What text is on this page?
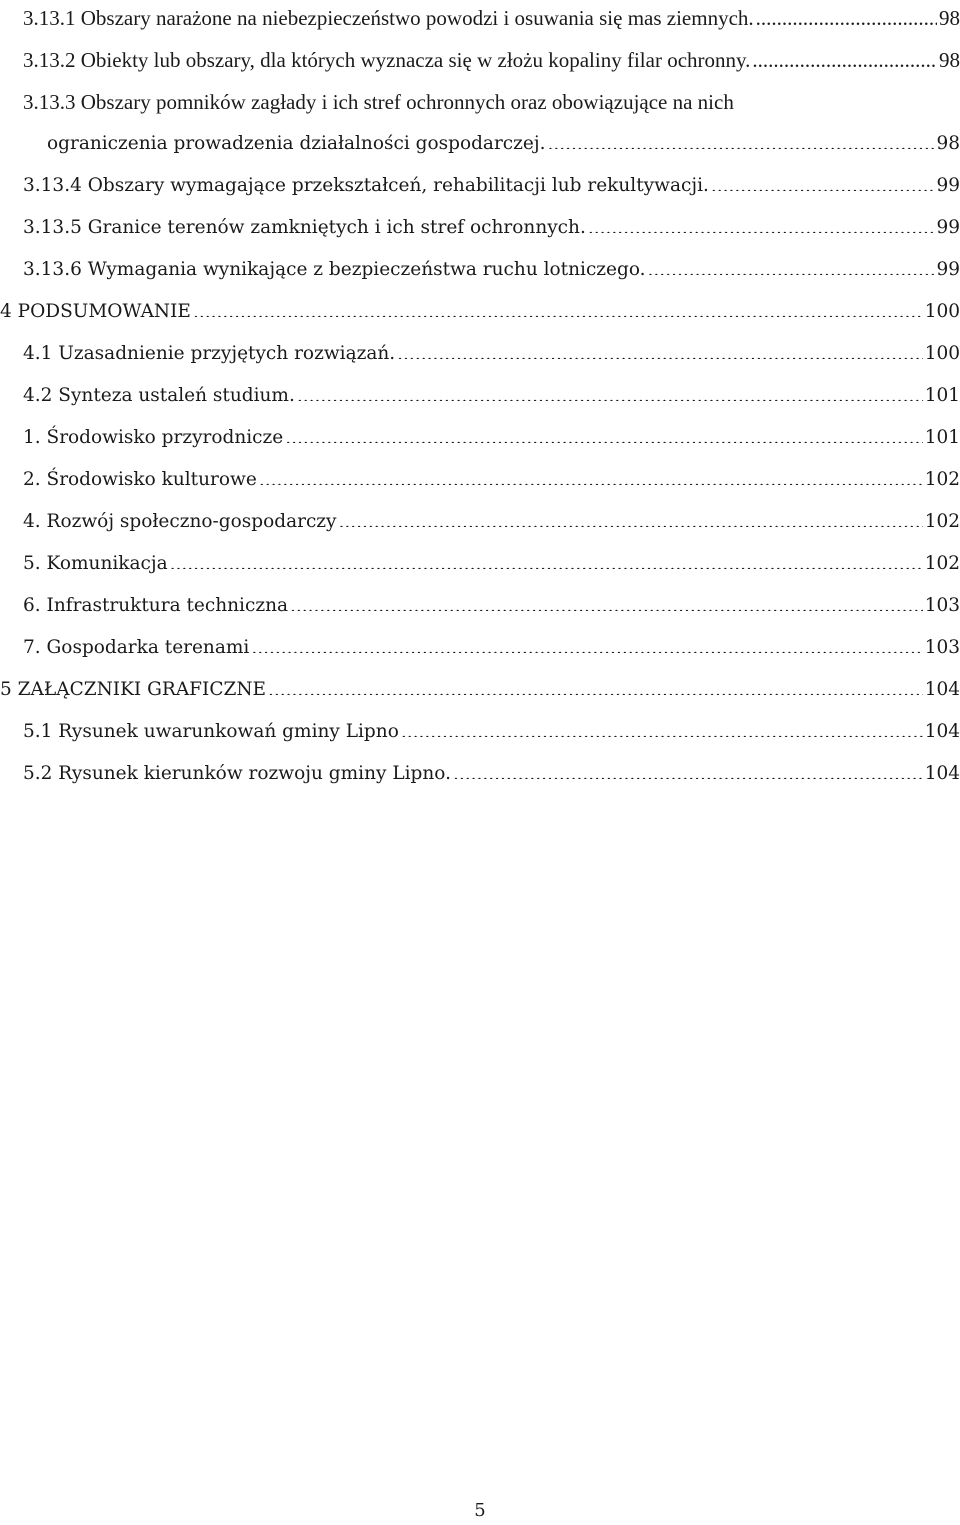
3.13.1 Obszary narażone na niebezpieczeństwo powodzi i osuwania się mas ziemnych. .....	98
3.13.2 Obiekty lub obszary, dla których wyznacza się w złożu kopaliny filar ochronny. .....	98
3.13.3 Obszary pomników zagłady i ich stref ochronnych oraz obowiązujące na nich
ograniczenia prowadzenia działalności gospodarczej. .....	98
3.13.4 Obszary wymagające przekształceń, rehabilitacji lub rekultywacji. .....	99
3.13.5 Granice terenów zamkniętych i ich stref ochronnych. .....	99
3.13.6 Wymagania wynikające z bezpieczeństwa ruchu lotniczego. .....	99
4 PODSUMOWANIE .....	100
4.1 Uzasadnienie przyjętych rozwiązań. .....	100
4.2 Synteza ustaleń studium. .....	101
1. Środowisko przyrodnicze .....	101
2. Środowisko kulturowe .....	102
4. Rozwój społeczno-gospodarczy .....	102
5. Komunikacja .....	102
6. Infrastruktura techniczna .....	103
7. Gospodarka terenami .....	103
5 ZAŁĄCZNIKI GRAFICZNE .....	104
5.1 Rysunek uwarunkowań gminy Lipno .....	104
5.2 Rysunek kierunków rozwoju gminy Lipno. .....	104
5
